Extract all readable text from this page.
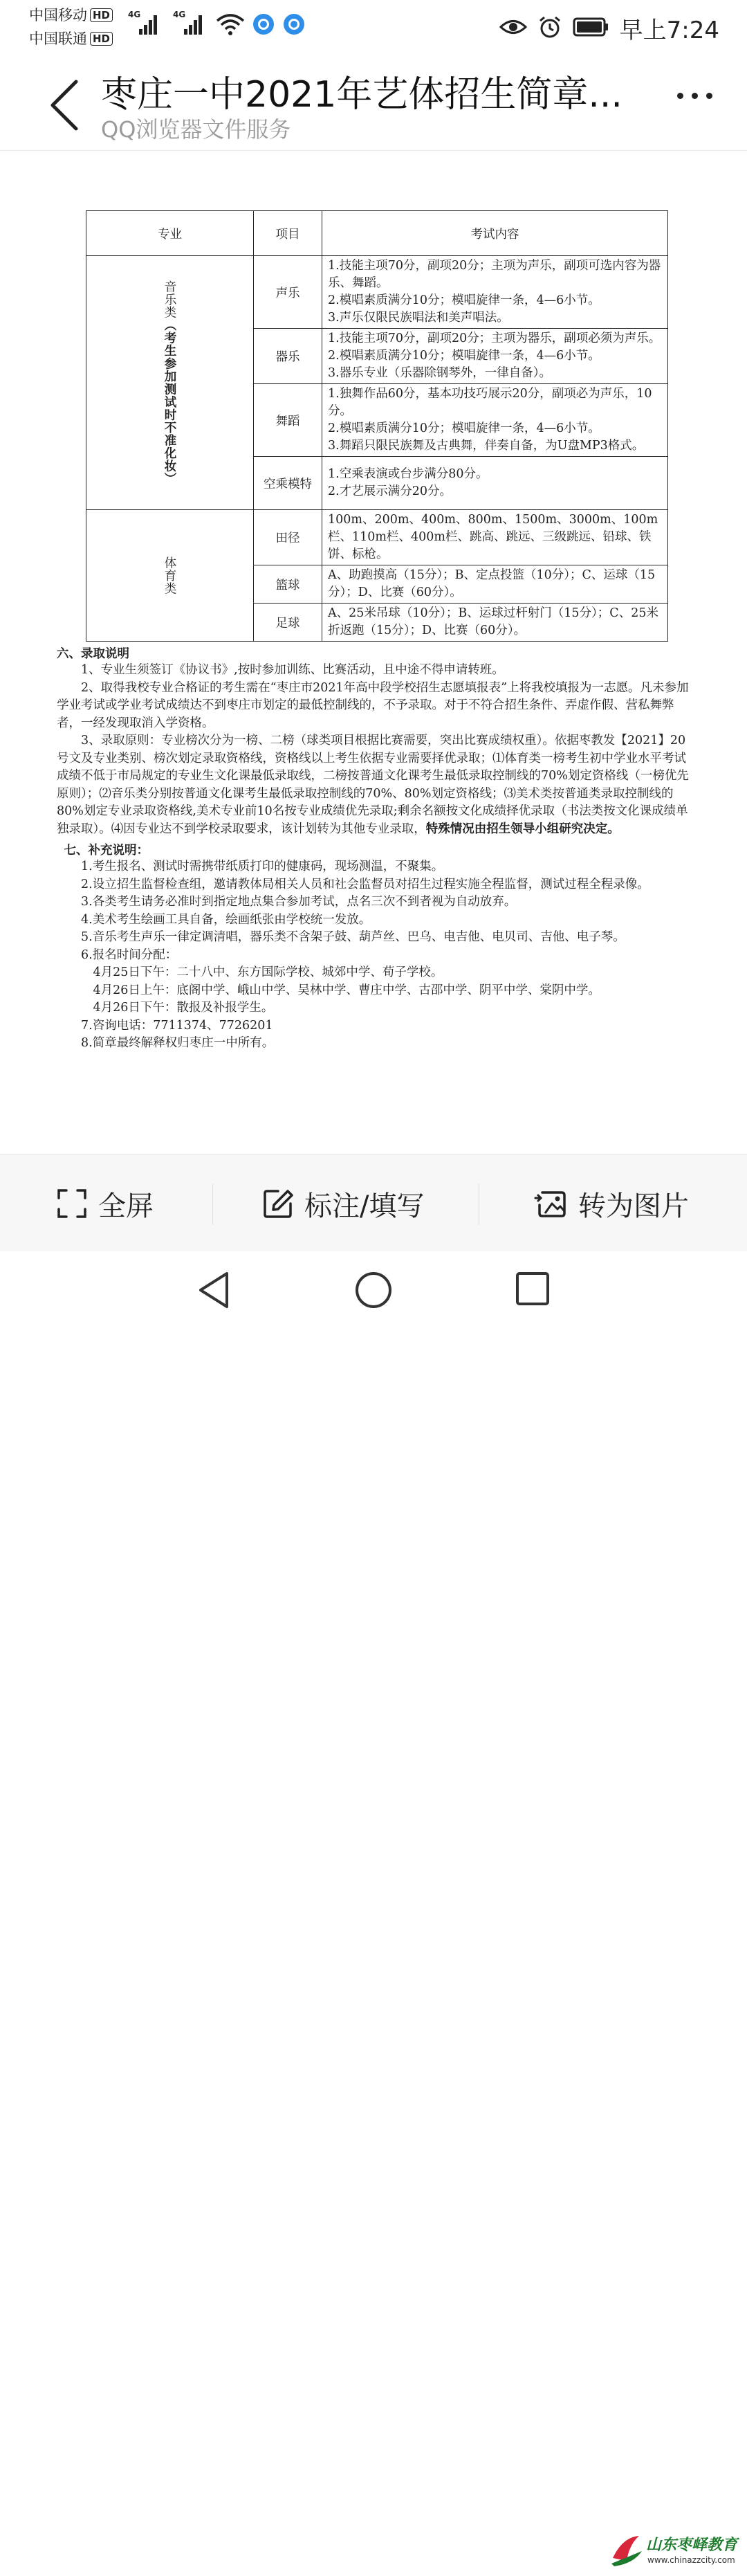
中国移动 HD
中国联通 HD
4G	4G
早上7:24
枣庄一中2021年艺体招生简章...
QQ浏览器文件服务
专业	项目	考试内容

音乐类（考生参加测试时不准化妆）	声乐	1.技能主项70分，副项20分；主项为声乐，副项可选内容为器乐、舞蹈。
2.模唱素质满分10分；模唱旋律一条，4—6小节。
3.声乐仅限民族唱法和美声唱法。

	器乐	1.技能主项70分，副项20分；主项为器乐，副项必须为声乐。
2.模唱素质满分10分；模唱旋律一条，4—6小节。
3.器乐专业（乐器除钢琴外，一律自备）。

	舞蹈	1.独舞作品60分，基本功技巧展示20分，副项必为声乐，10分。
2.模唱素质满分10分；模唱旋律一条，4—6小节。
3.舞蹈只限民族舞及古典舞，伴奏自备，为U盘MP3格式。

	空乘模特	1.空乘表演或台步满分80分。
2.才艺展示满分20分。

体育类	田径	100m、200m、400m、800m、1500m、3000m、100m栏、110m栏、400m栏、跳高、跳远、三级跳远、铅球、铁饼、标枪。

	篮球	A、助跑摸高（15分）；B、定点投篮（10分）；C、运球（15分）；D、比赛（60分）。

	足球	A、25米吊球（10分）；B、运球过杆射门（15分）；C、25米折返跑（15分）；D、比赛（60分）。
六、录取说明
1、专业生须签订《协议书》,按时参加训练、比赛活动，且中途不得申请转班。
2、取得我校专业合格证的考生需在“枣庄市2021年高中段学校招生志愿填报表”上将我校填报为一志愿。凡未参加学业考试或学业考试成绩达不到枣庄市划定的最低控制线的，不予录取。对于不符合招生条件、弄虚作假、营私舞弊者，一经发现取消入学资格。
3、录取原则：专业榜次分为一榜、二榜（球类项目根据比赛需要，突出比赛成绩权重）。依据枣教发【2021】20号文及专业类别、榜次划定录取资格线，资格线以上考生依据专业需要择优录取；⑴体育类一榜考生初中学业水平考试成绩不低于市局规定的专业生文化课最低录取线，二榜按普通文化课考生最低录取控制线的70%划定资格线（一榜优先原则）；⑵音乐类分别按普通文化课考生最低录取控制线的70%、80%划定资格线；⑶美术类按普通类录取控制线的80%划定专业录取资格线,美术专业前10名按专业成绩优先录取;剩余名额按文化成绩择优录取（书法类按文化课成绩单独录取）。⑷因专业达不到学校录取要求，该计划转为其他专业录取，特殊情况由招生领导小组研究决定。
七、补充说明：
1.考生报名、测试时需携带纸质打印的健康码，现场测温，不聚集。
2.设立招生监督检查组，邀请教体局相关人员和社会监督员对招生过程实施全程监督，测试过程全程录像。
3.各类考生请务必准时到指定地点集合参加考试，点名三次不到者视为自动放弃。
4.美术考生绘画工具自备，绘画纸张由学校统一发放。
5.音乐考生声乐一律定调清唱，器乐类不含架子鼓、葫芦丝、巴乌、电吉他、电贝司、吉他、电子琴。
6.报名时间分配：
4月25日下午：二十八中、东方国际学校、城郊中学、荀子学校。
4月26日上午：底阁中学、峨山中学、吴林中学、曹庄中学、古邵中学、阴平中学、棠阴中学。
4月26日下午：散报及补报学生。
7.咨询电话：7711374、7726201
8.简章最终解释权归枣庄一中所有。
全屏	标注/填写	转为图片
山东枣峄教育
www.chinazzcity.com
